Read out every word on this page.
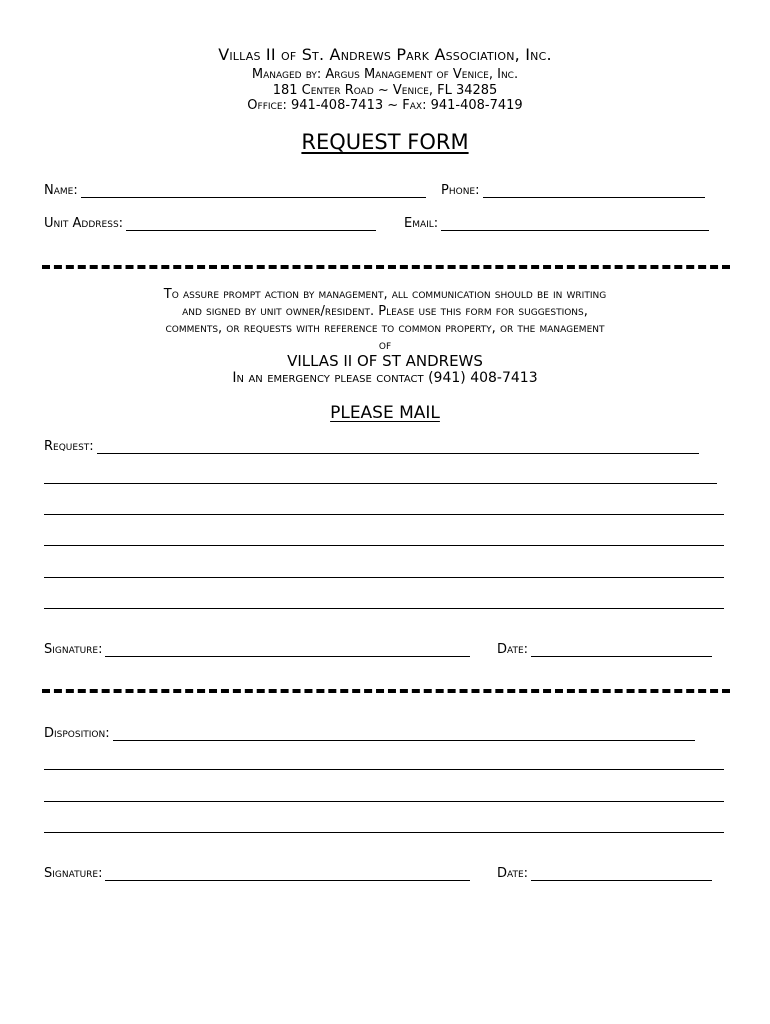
Villas II of St. Andrews Park Association, Inc.
Managed by: Argus Management of Venice, Inc.
181 Center Road ~ Venice, FL 34285
Office: 941-408-7413 ~ Fax: 941-408-7419
REQUEST FORM
Name:	Phone:
Unit Address:	Email:
To assure prompt action by management, all communication should be in writing
and signed by unit owner/resident. Please use this form for suggestions,
comments, or requests with reference to common property, or the management
of
VILLAS II OF ST ANDREWS
In an emergency please contact (941) 408-7413
PLEASE MAIL
Request:
Signature:	Date:
Disposition:
Signature:	Date:
